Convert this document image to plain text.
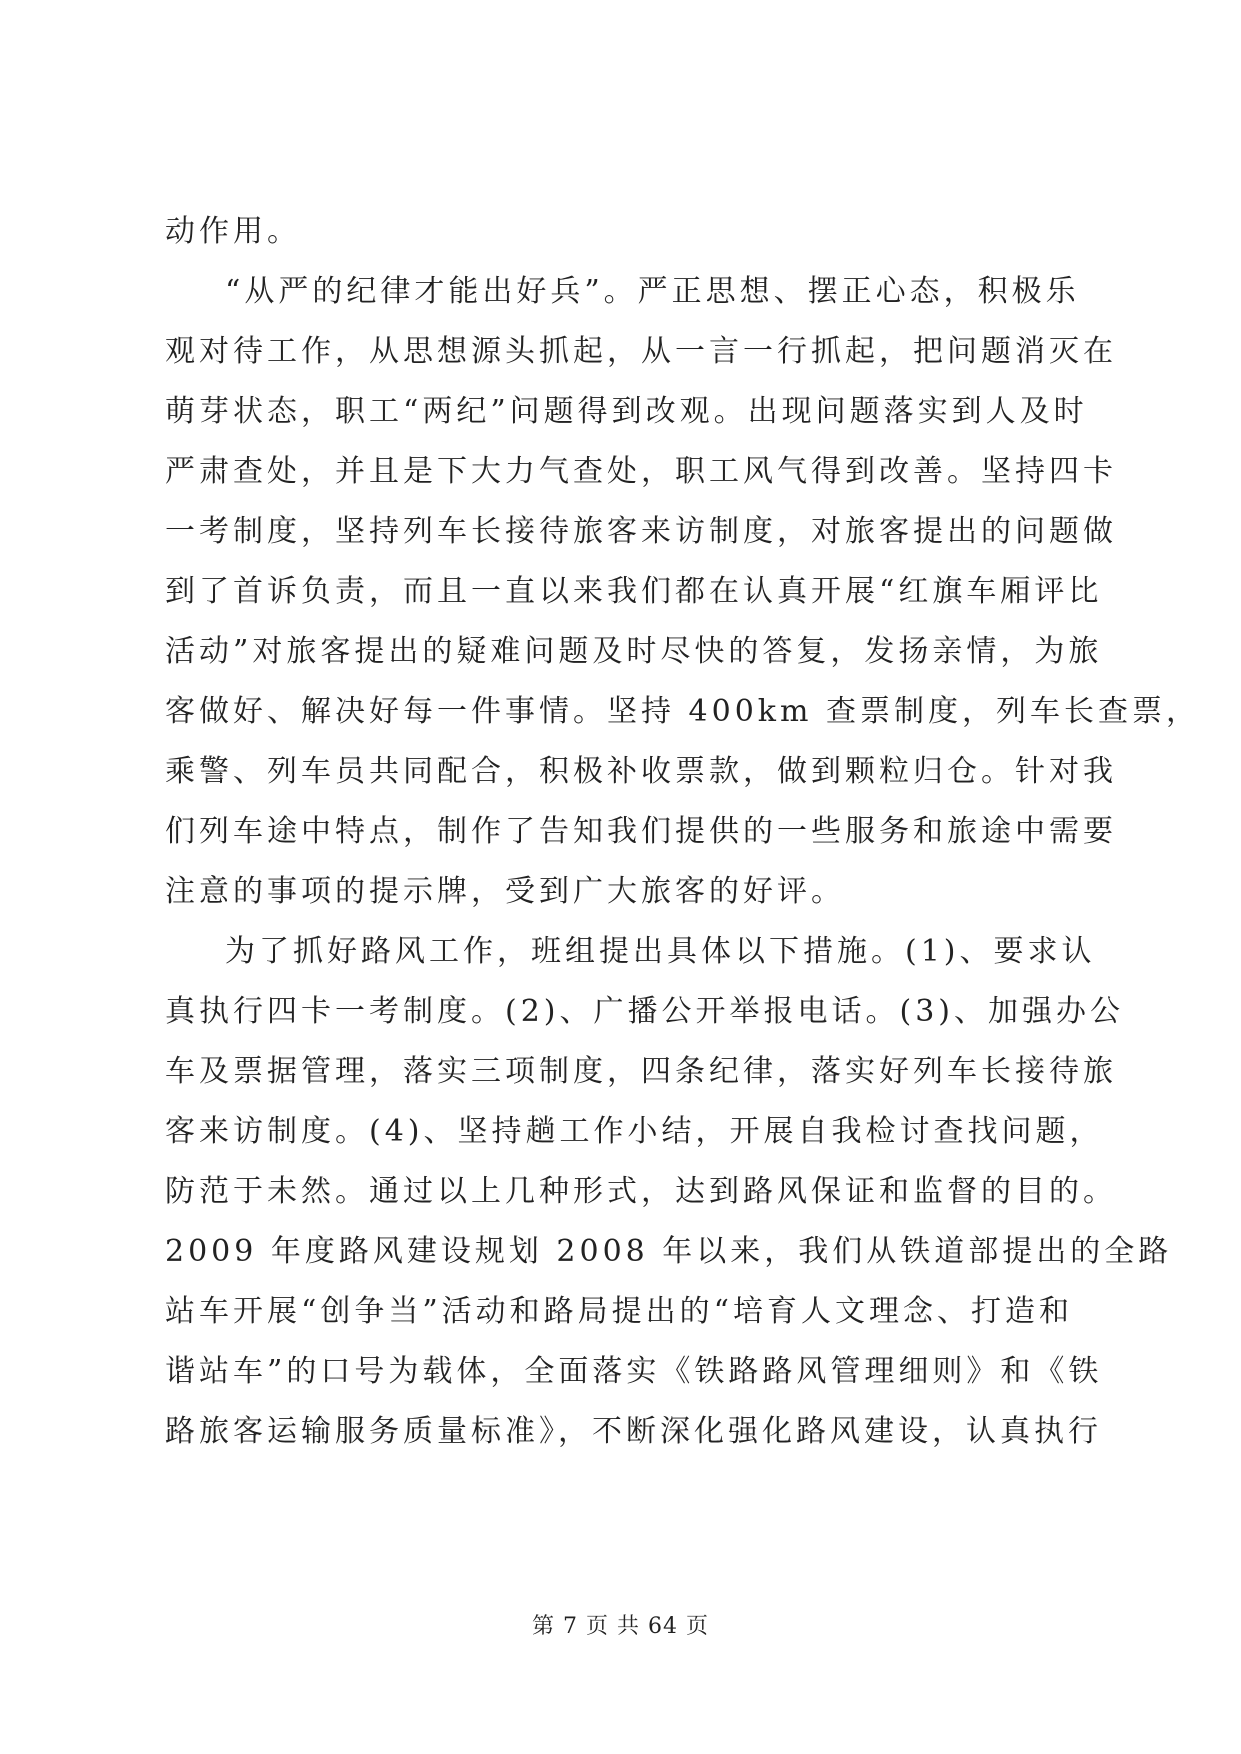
动作用。
“从严的纪律才能出好兵”。严正思想、摆正心态，积极乐
观对待工作，从思想源头抓起，从一言一行抓起，把问题消灭在
萌芽状态，职工“两纪”问题得到改观。出现问题落实到人及时
严肃查处，并且是下大力气查处，职工风气得到改善。坚持四卡
一考制度，坚持列车长接待旅客来访制度，对旅客提出的问题做
到了首诉负责，而且一直以来我们都在认真开展“红旗车厢评比
活动”对旅客提出的疑难问题及时尽快的答复，发扬亲情，为旅
客做好、解决好每一件事情。坚持 400km 查票制度，列车长查票，
乘警、列车员共同配合，积极补收票款，做到颗粒归仓。针对我
们列车途中特点，制作了告知我们提供的一些服务和旅途中需要
注意的事项的提示牌，受到广大旅客的好评。
为了抓好路风工作，班组提出具体以下措施。(1)、要求认
真执行四卡一考制度。(2)、广播公开举报电话。(3)、加强办公
车及票据管理，落实三项制度，四条纪律，落实好列车长接待旅
客来访制度。(4)、坚持趟工作小结，开展自我检讨查找问题，
防范于未然。通过以上几种形式，达到路风保证和监督的目的。
2009 年度路风建设规划 2008 年以来，我们从铁道部提出的全路
站车开展“创争当”活动和路局提出的“培育人文理念、打造和
谐站车”的口号为载体，全面落实《铁路路风管理细则》和《铁
路旅客运输服务质量标准》，不断深化强化路风建设，认真执行
第 7 页 共 64 页
